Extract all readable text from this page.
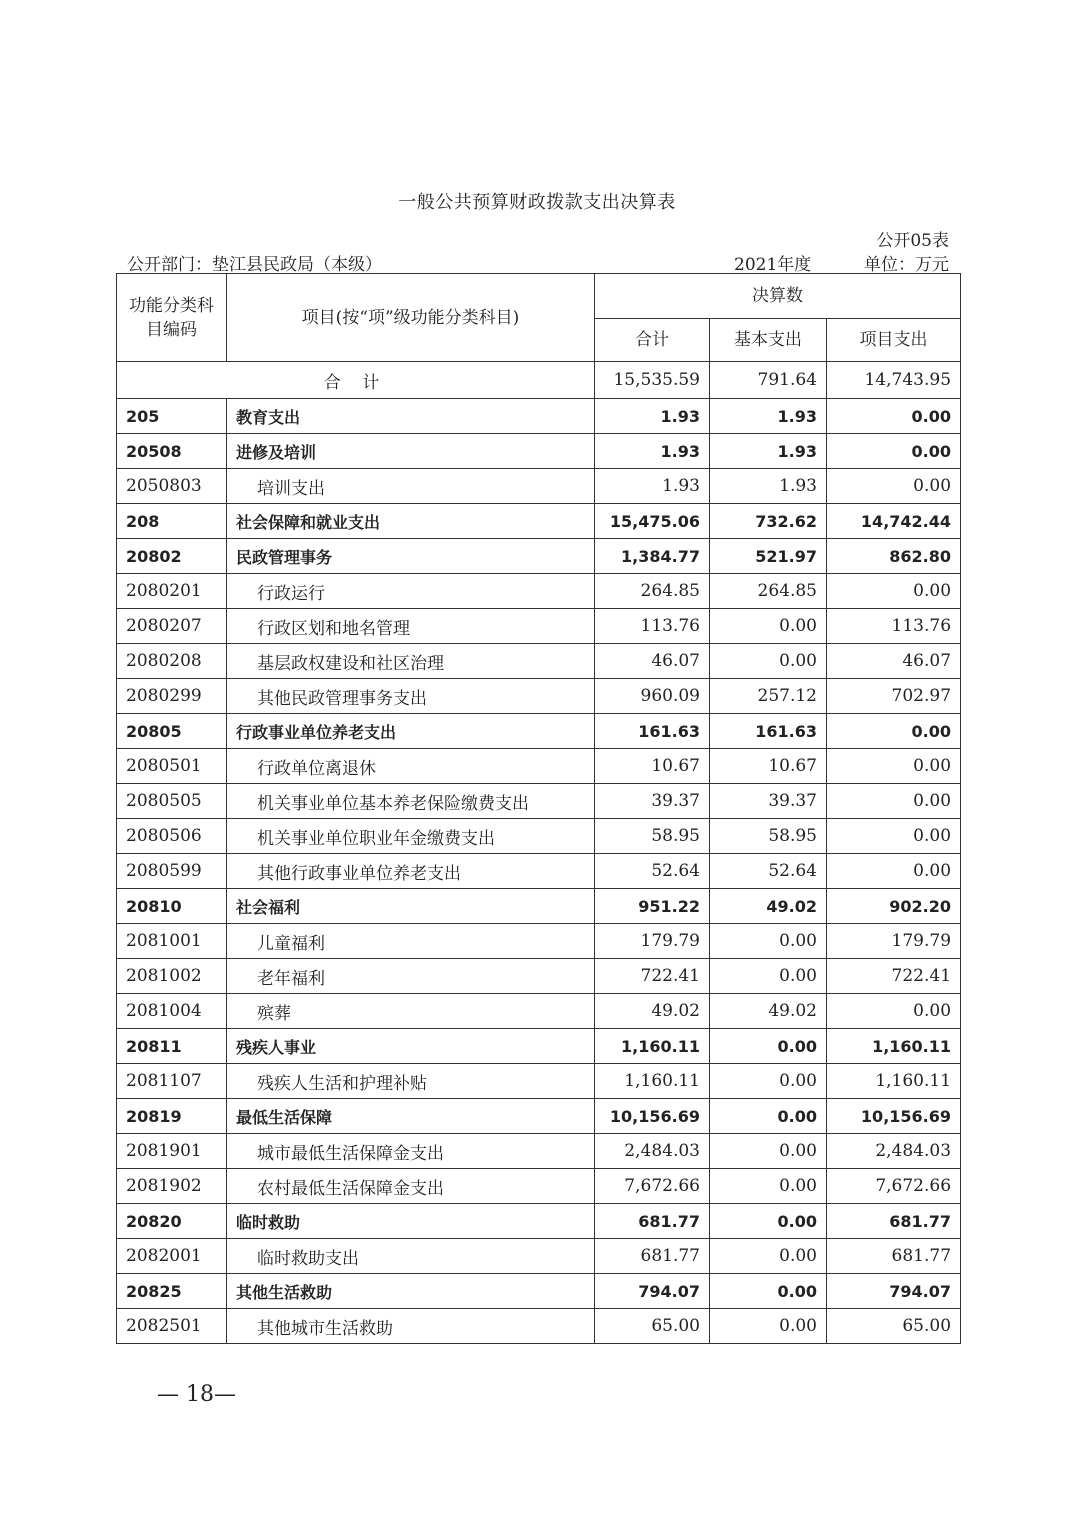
一般公共预算财政拨款支出决算表
公开05表
公开部门：垫江县民政局（本级）	2021年度	单位：万元
功能分类科目编码	项目(按“项”级功能分类科目)	决算数		
		合计	基本支出	项目支出
合 计		15,535.59	791.64	14,743.95
205	教育支出	1.93	1.93	0.00
20508	进修及培训	1.93	1.93	0.00
2050803	培训支出	1.93	1.93	0.00
208	社会保障和就业支出	15,475.06	732.62	14,742.44
20802	民政管理事务	1,384.77	521.97	862.80
2080201	行政运行	264.85	264.85	0.00
2080207	行政区划和地名管理	113.76	0.00	113.76
2080208	基层政权建设和社区治理	46.07	0.00	46.07
2080299	其他民政管理事务支出	960.09	257.12	702.97
20805	行政事业单位养老支出	161.63	161.63	0.00
2080501	行政单位离退休	10.67	10.67	0.00
2080505	机关事业单位基本养老保险缴费支出	39.37	39.37	0.00
2080506	机关事业单位职业年金缴费支出	58.95	58.95	0.00
2080599	其他行政事业单位养老支出	52.64	52.64	0.00
20810	社会福利	951.22	49.02	902.20
2081001	儿童福利	179.79	0.00	179.79
2081002	老年福利	722.41	0.00	722.41
2081004	殡葬	49.02	49.02	0.00
20811	残疾人事业	1,160.11	0.00	1,160.11
2081107	残疾人生活和护理补贴	1,160.11	0.00	1,160.11
20819	最低生活保障	10,156.69	0.00	10,156.69
2081901	城市最低生活保障金支出	2,484.03	0.00	2,484.03
2081902	农村最低生活保障金支出	7,672.66	0.00	7,672.66
20820	临时救助	681.77	0.00	681.77
2082001	临时救助支出	681.77	0.00	681.77
20825	其他生活救助	794.07	0.00	794.07
2082501	其他城市生活救助	65.00	0.00	65.00
— 18—
